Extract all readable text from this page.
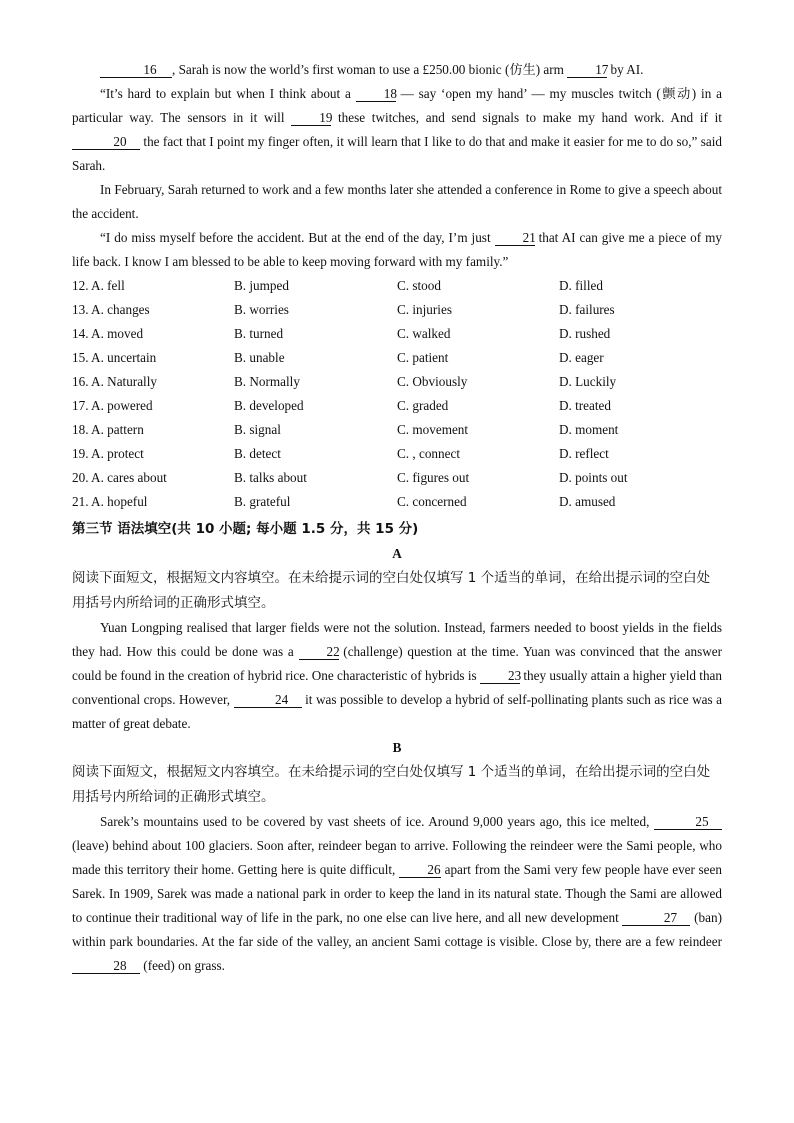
16 , Sarah is now the world’s first woman to use a £250.00 bionic (仿生) arm 17 by AI.

“It’s hard to explain but when I think about a 18 — say ‘open my hand’ — my muscles twitch (颤动) in a particular way. The sensors in it will 19 these twitches, and send signals to make my hand work. And if it 20 the fact that I point my finger often, it will learn that I like to do that and make it easier for me to do so,” said Sarah.

In February, Sarah returned to work and a few months later she attended a conference in Rome to give a speech about the accident.

“I do miss myself before the accident. But at the end of the day, I’m just 21 that AI can give me a piece of my life back. I know I am blessed to be able to keep moving forward with my family.”

12. A. fell	B. jumped	C. stood	D. filled
13. A. changes	B. worries	C. injuries	D. failures
14. A. moved	B. turned	C. walked	D. rushed
15. A. uncertain	B. unable	C. patient	D. eager
16. A. Naturally	B. Normally	C. Obviously	D. Luckily
17. A. powered	B. developed	C. graded	D. treated
18. A. pattern	B. signal	C. movement	D. moment
19. A. protect	B. detect	C. , connect	D. reflect
20. A. cares about	B. talks about	C. figures out	D. points out
21. A. hopeful	B. grateful	C. concerned	D. amused
第三节 语法填空(共 10 小题; 每小题 1.5 分，共 15 分)
A

阅读下面短文，根据短文内容填空。在未给提示词的空白处仅填写 1 个适当的单词，在给出提示词的空白处用括号内所给词的正确形式填空。

Yuan Longping realised that larger fields were not the solution. Instead, farmers needed to boost yields in the fields they had. How this could be done was a 22 (challenge) question at the time. Yuan was convinced that the answer could be found in the creation of hybrid rice. One characteristic of hybrids is 23 they usually attain a higher yield than conventional crops. However,	24 it was possible to develop a hybrid of self-pollinating plants such as rice was a matter of great debate.

B

阅读下面短文，根据短文内容填空。在未给提示词的空白处仅填写 1 个适当的单词，在给出提示词的空白处用括号内所给词的正确形式填空。

Sarek’s mountains used to be covered by vast sheets of ice. Around 9,000 years ago, this ice melted,	25 (leave) behind about 100 glaciers. Soon after, reindeer began to arrive. Following the reindeer were the Sami people, who made this territory their home. Getting here is quite difficult, 26 apart from the Sami very few people have ever seen Sarek. In 1909, Sarek was made a national park in order to keep the land in its natural state. Though the Sami are allowed to continue their traditional way of life in the park, no one else can live here, and all new development	27 (ban) within park boundaries. At the far side of the valley, an ancient Sami cottage is visible. Close by, there are a few reindeer 28 (feed) on grass.
